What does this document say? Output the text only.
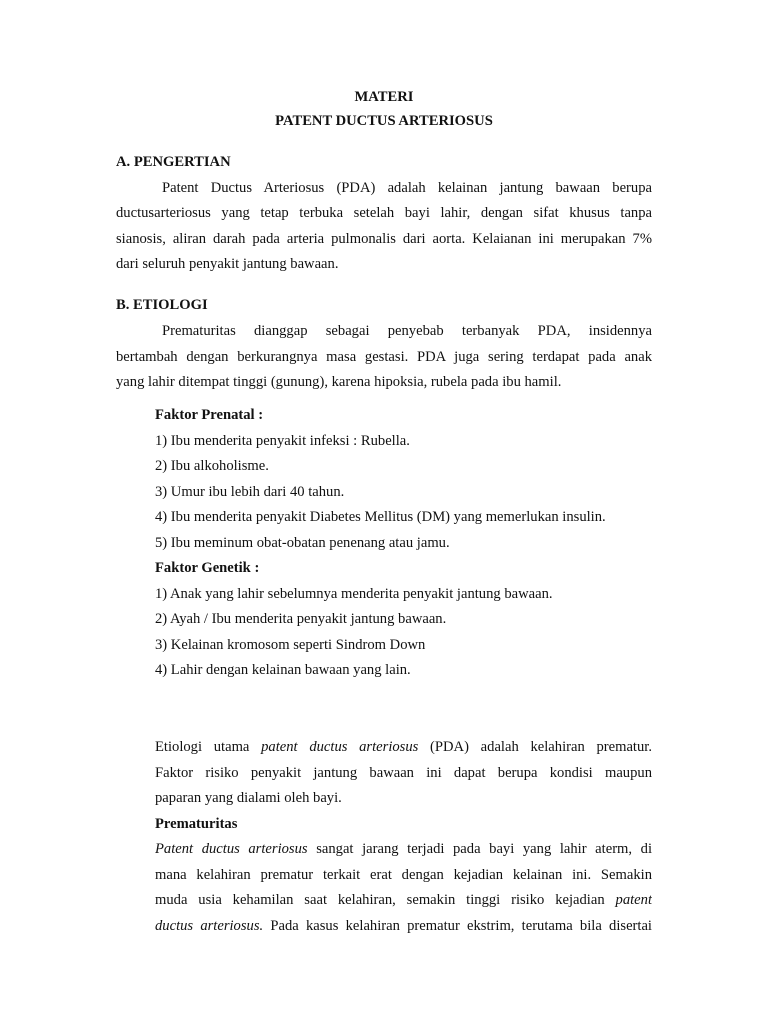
MATERI
PATENT DUCTUS ARTERIOSUS
A. PENGERTIAN
Patent Ductus Arteriosus (PDA) adalah kelainan jantung bawaan berupa
ductusarteriosus yang tetap terbuka setelah bayi lahir, dengan sifat khusus tanpa
sianosis, aliran darah pada arteria pulmonalis dari aorta. Kelaianan ini merupakan 7%
dari seluruh penyakit jantung bawaan.
B. ETIOLOGI
Prematuritas dianggap sebagai penyebab terbanyak PDA, insidennya
bertambah dengan berkurangnya masa gestasi. PDA juga sering terdapat pada anak
yang lahir ditempat tinggi (gunung), karena hipoksia, rubela pada ibu hamil.
Faktor Prenatal :
1) Ibu menderita penyakit infeksi : Rubella.
2) Ibu alkoholisme.
3) Umur ibu lebih dari 40 tahun.
4) Ibu menderita penyakit Diabetes Mellitus (DM) yang memerlukan insulin.
5) Ibu meminum obat-obatan penenang atau jamu.
Faktor Genetik :
1) Anak yang lahir sebelumnya menderita penyakit jantung bawaan.
2) Ayah / Ibu menderita penyakit jantung bawaan.
3) Kelainan kromosom seperti Sindrom Down
4) Lahir dengan kelainan bawaan yang lain.
Etiologi utama patent ductus arteriosus (PDA) adalah kelahiran prematur.
Faktor risiko penyakit jantung bawaan ini dapat berupa kondisi maupun
paparan yang dialami oleh bayi.
Prematuritas
Patent ductus arteriosus sangat jarang terjadi pada bayi yang lahir aterm, di
mana kelahiran prematur terkait erat dengan kejadian kelainan ini. Semakin
muda usia kehamilan saat kelahiran, semakin tinggi risiko kejadian patent
ductus arteriosus. Pada kasus kelahiran prematur ekstrim, terutama bila disertai
